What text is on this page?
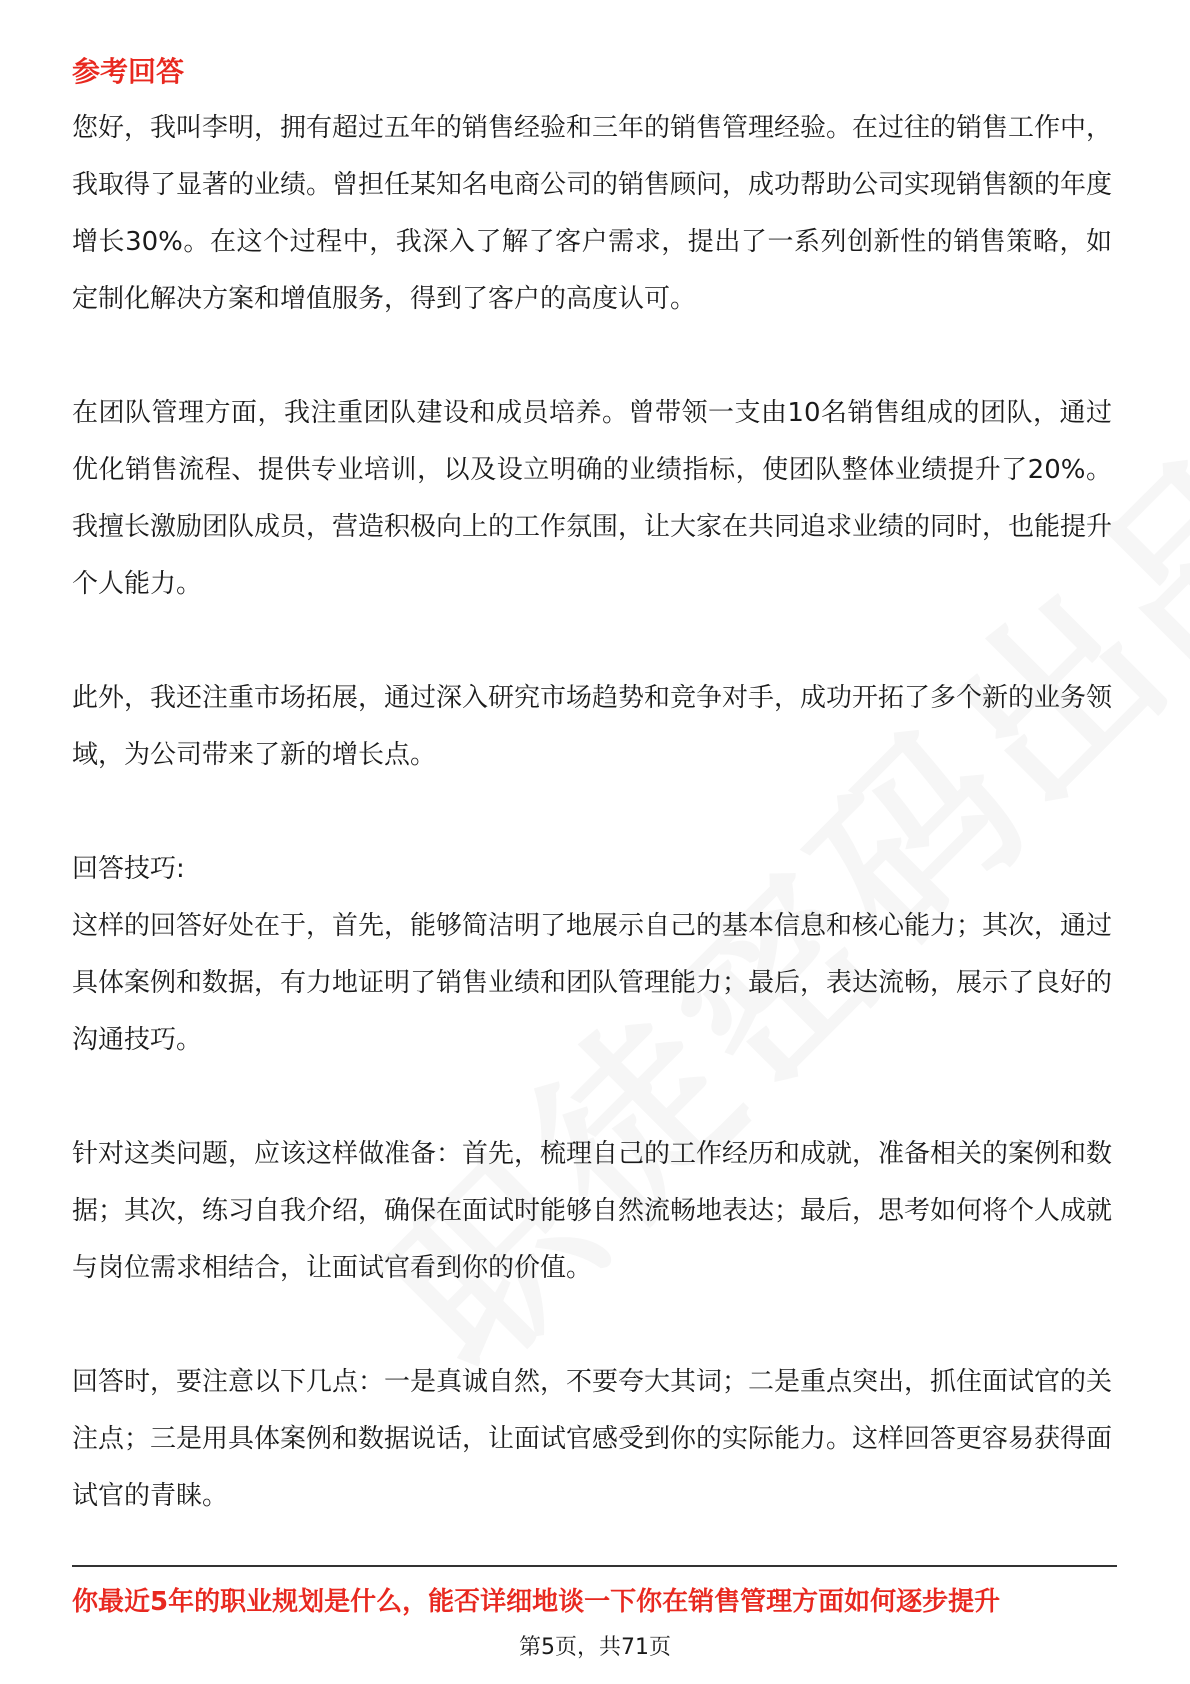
参考回答

您好，我叫李明，拥有超过五年的销售经验和三年的销售管理经验。在过往的销售工作中，我取得了显著的业绩。曾担任某知名电商公司的销售顾问，成功帮助公司实现销售额的年度增长30%。在这个过程中，我深入了解了客户需求，提出了一系列创新性的销售策略，如定制化解决方案和增值服务，得到了客户的高度认可。

在团队管理方面，我注重团队建设和成员培养。曾带领一支由10名销售组成的团队，通过优化销售流程、提供专业培训，以及设立明确的业绩指标，使团队整体业绩提升了20%。我擅长激励团队成员，营造积极向上的工作氛围，让大家在共同追求业绩的同时，也能提升个人能力。

此外，我还注重市场拓展，通过深入研究市场趋势和竞争对手，成功开拓了多个新的业务领域，为公司带来了新的增长点。

回答技巧:

这样的回答好处在于，首先，能够简洁明了地展示自己的基本信息和核心能力；其次，通过具体案例和数据，有力地证明了销售业绩和团队管理能力；最后，表达流畅，展示了良好的沟通技巧。

针对这类问题，应该这样做准备：首先，梳理自己的工作经历和成就，准备相关的案例和数据；其次，练习自我介绍，确保在面试时能够自然流畅地表达；最后，思考如何将个人成就与岗位需求相结合，让面试官看到你的价值。

回答时，要注意以下几点：一是真诚自然，不要夸大其词；二是重点突出，抓住面试官的关注点；三是用具体案例和数据说话，让面试官感受到你的实际能力。这样回答更容易获得面试官的青睐。

你最近5年的职业规划是什么，能否详细地谈一下你在销售管理方面如何逐步提升
第5页，共71页
